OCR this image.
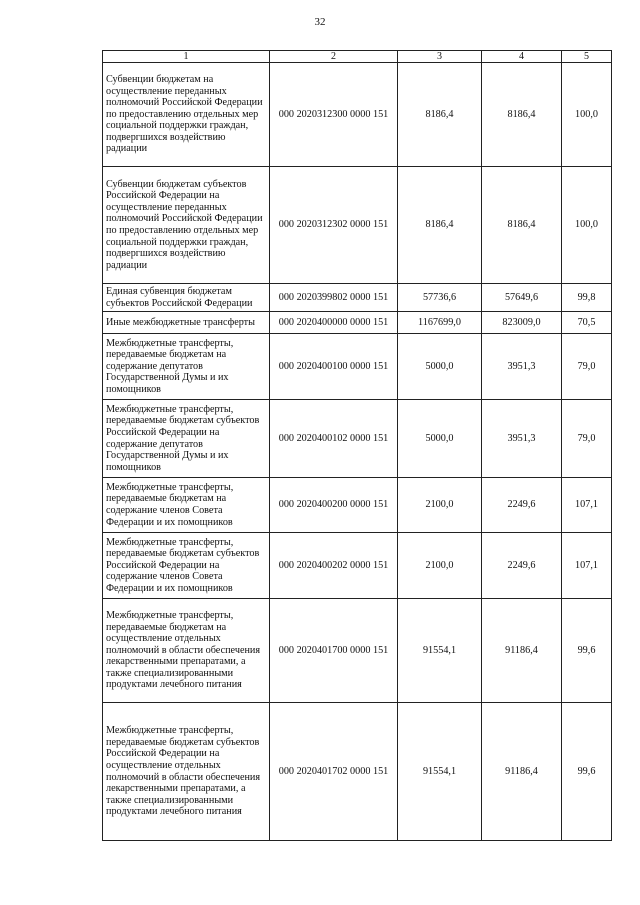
32
1	2	3	4	5
Субвенции бюджетам на осуществление переданных полномочий Российской Федерации по предоставлению отдельных мер социальной поддержки граждан, подвергшихся воздействию радиации	000 2020312300 0000 151	8186,4	8186,4	100,0
Субвенции бюджетам субъектов Российской Федерации на осуществление переданных полномочий Российской Федерации по предоставлению отдельных мер социальной поддержки граждан, подвергшихся воздействию радиации	000 2020312302 0000 151	8186,4	8186,4	100,0
Единая субвенция бюджетам субъектов Российской Федерации	000 2020399802 0000 151	57736,6	57649,6	99,8
Иные межбюджетные трансферты	000 2020400000 0000 151	1167699,0	823009,0	70,5
Межбюджетные трансферты, передаваемые бюджетам на содержание депутатов Государственной Думы и их помощников	000 2020400100 0000 151	5000,0	3951,3	79,0
Межбюджетные трансферты, передаваемые бюджетам субъектов Российской Федерации на содержание депутатов Государственной Думы и их помощников	000 2020400102 0000 151	5000,0	3951,3	79,0
Межбюджетные трансферты, передаваемые бюджетам на содержание членов Совета Федерации и их помощников	000 2020400200 0000 151	2100,0	2249,6	107,1
Межбюджетные трансферты, передаваемые бюджетам субъектов Российской Федерации на содержание членов Совета Федерации и их помощников	000 2020400202 0000 151	2100,0	2249,6	107,1
Межбюджетные трансферты, передаваемые бюджетам на осуществление отдельных полномочий в области обеспечения лекарственными препаратами, а также специализированными продуктами лечебного питания	000 2020401700 0000 151	91554,1	91186,4	99,6
Межбюджетные трансферты, передаваемые бюджетам субъектов Российской Федерации на осуществление отдельных полномочий в области обеспечения лекарственными препаратами, а также специализированными продуктами лечебного питания	000 2020401702 0000 151	91554,1	91186,4	99,6
